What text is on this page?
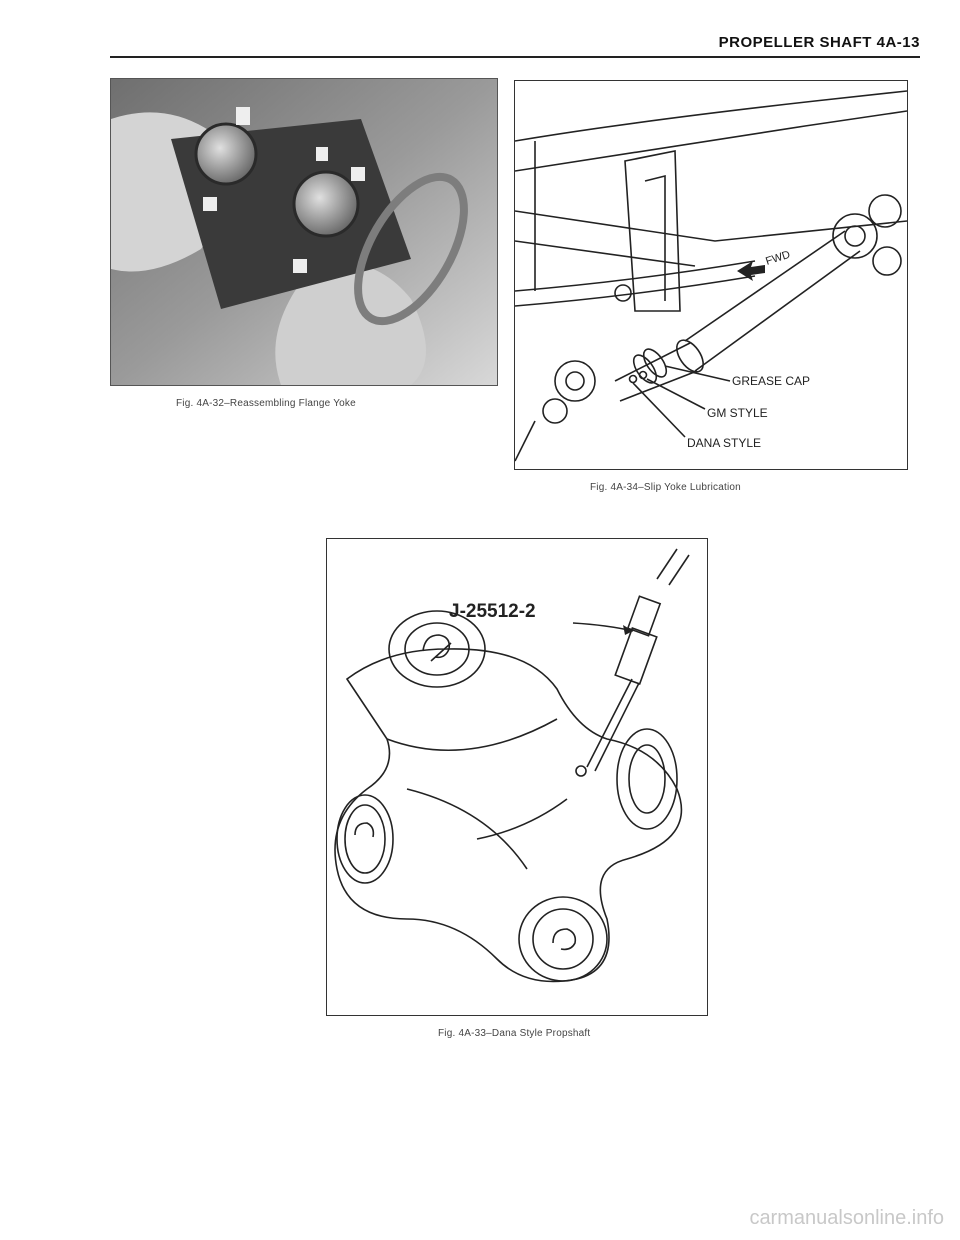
PROPELLER SHAFT 4A-13
Fig. 4A-32–Reassembling Flange Yoke
FWD
GREASE CAP
GM STYLE
DANA STYLE
Fig. 4A-34–Slip Yoke Lubrication
J-25512-2
Fig. 4A-33–Dana Style Propshaft
carmanualsonline.info
